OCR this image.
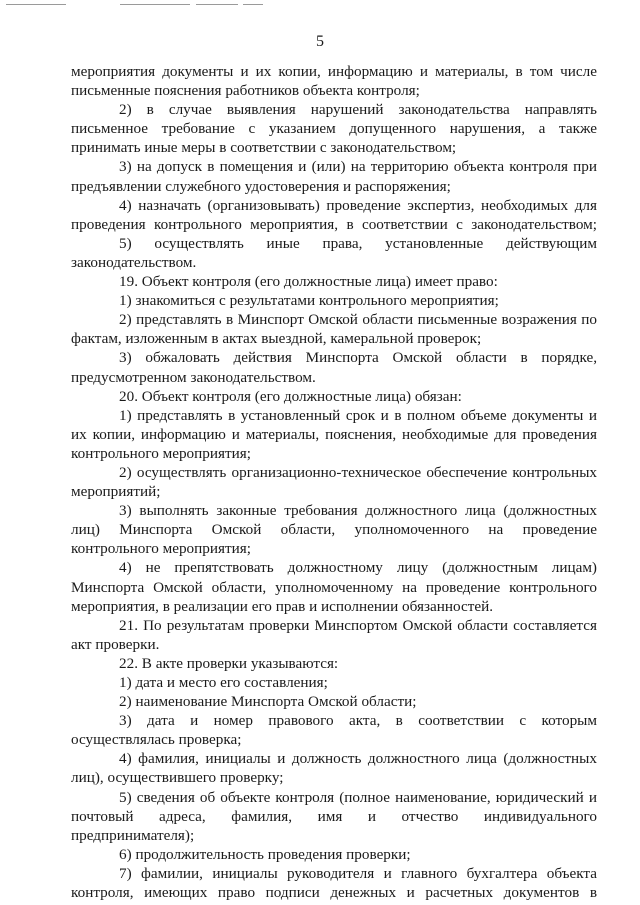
5
мероприятия документы и их копии, информацию и материалы, в том числе
письменные пояснения работников объекта контроля;
2) в случае выявления нарушений законодательства направлять
письменное требование с указанием допущенного нарушения, а также
принимать иные меры в соответствии с законодательством;
3) на допуск в помещения и (или) на территорию объекта контроля при
предъявлении служебного удостоверения и распоряжения;
4) назначать (организовывать) проведение экспертиз, необходимых для
проведения контрольного мероприятия, в соответствии с законодательством;
5) осуществлять иные права, установленные действующим
законодательством.
19. Объект контроля (его должностные лица) имеет право:
1) знакомиться с результатами контрольного мероприятия;
2) представлять в Минспорт Омской области письменные возражения по
фактам, изложенным в актах выездной, камеральной проверок;
3) обжаловать действия Минспорта Омской области в порядке,
предусмотренном законодательством.
20. Объект контроля (его должностные лица) обязан:
1) представлять в установленный срок и в полном объеме документы и
их копии, информацию и материалы, пояснения, необходимые для проведения
контрольного мероприятия;
2) осуществлять организационно-техническое обеспечение контрольных
мероприятий;
3) выполнять законные требования должностного лица (должностных
лиц) Минспорта Омской области, уполномоченного на проведение
контрольного мероприятия;
4) не препятствовать должностному лицу (должностным лицам)
Минспорта Омской области, уполномоченному на проведение контрольного
мероприятия, в реализации его прав и исполнении обязанностей.
21. По результатам проверки Минспортом Омской области составляется
акт проверки.
22. В акте проверки указываются:
1) дата и место его составления;
2) наименование Минспорта Омской области;
3) дата и номер правового акта, в соответствии с которым
осуществлялась проверка;
4) фамилия, инициалы и должность должностного лица (должностных
лиц), осуществившего проверку;
5) сведения об объекте контроля (полное наименование, юридический и
почтовый адреса, фамилия, имя и отчество индивидуального
предпринимателя);
6) продолжительность проведения проверки;
7) фамилии, инициалы руководителя и главного бухгалтера объекта
контроля, имеющих право подписи денежных и расчетных документов в
